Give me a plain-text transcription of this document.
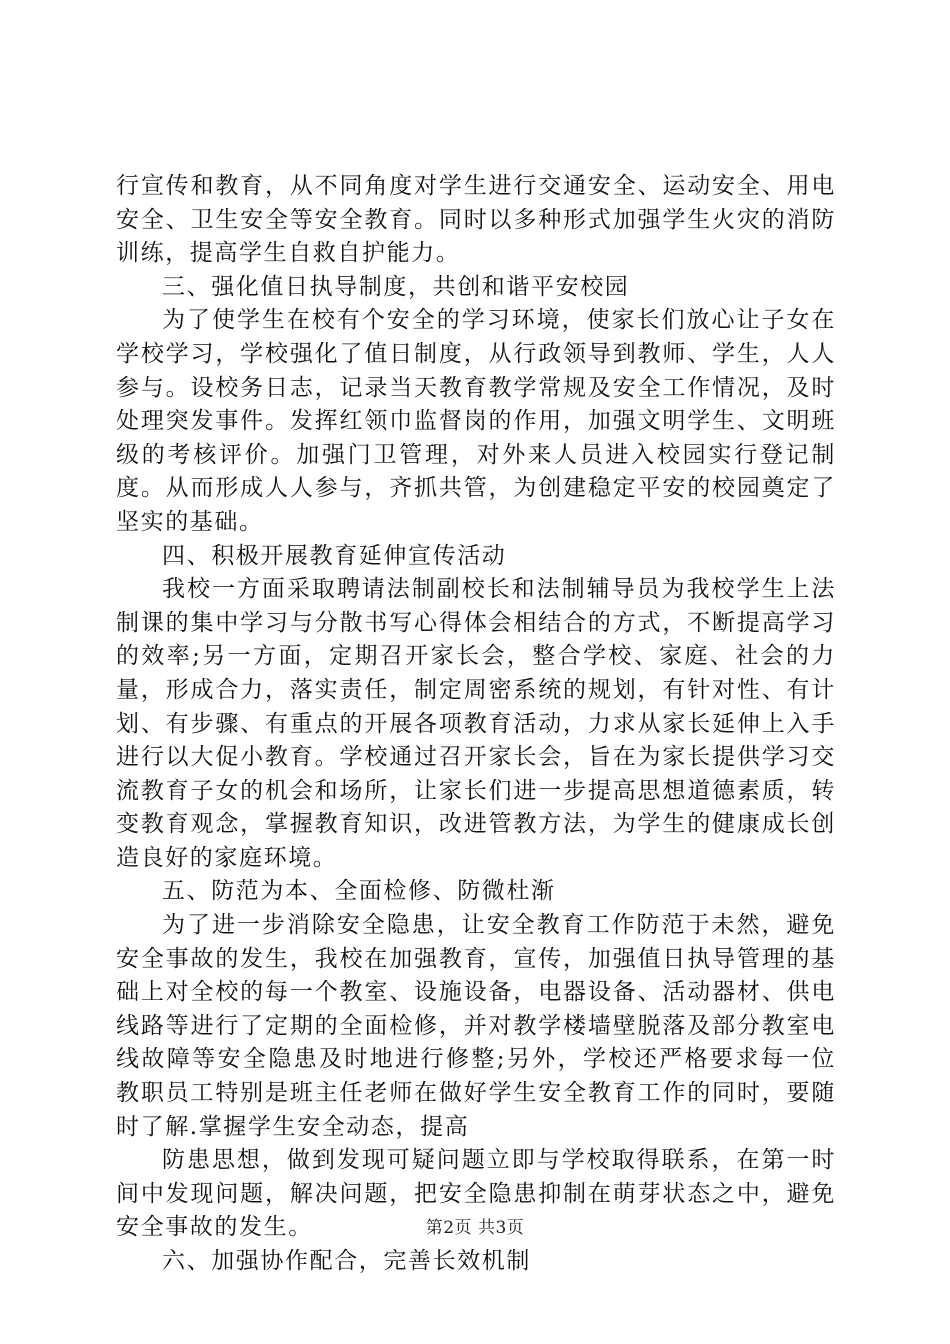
行宣传和教育，从不同角度对学生进行交通安全、运动安全、用电安全、卫生安全等安全教育。同时以多种形式加强学生火灾的消防训练，提高学生自救自护能力。

三、强化值日执导制度，共创和谐平安校园

为了使学生在校有个安全的学习环境，使家长们放心让子女在学校学习，学校强化了值日制度，从行政领导到教师、学生，人人参与。设校务日志，记录当天教育教学常规及安全工作情况，及时处理突发事件。发挥红领巾监督岗的作用，加强文明学生、文明班级的考核评价。加强门卫管理，对外来人员进入校园实行登记制度。从而形成人人参与，齐抓共管，为创建稳定平安的校园奠定了坚实的基础。

四、积极开展教育延伸宣传活动

我校一方面采取聘请法制副校长和法制辅导员为我校学生上法制课的集中学习与分散书写心得体会相结合的方式，不断提高学习的效率;另一方面，定期召开家长会，整合学校、家庭、社会的力量，形成合力，落实责任，制定周密系统的规划，有针对性、有计划、有步骤、有重点的开展各项教育活动，力求从家长延伸上入手进行以大促小教育。学校通过召开家长会，旨在为家长提供学习交流教育子女的机会和场所，让家长们进一步提高思想道德素质，转变教育观念，掌握教育知识，改进管教方法，为学生的健康成长创造良好的家庭环境。

五、防范为本、全面检修、防微杜渐

为了进一步消除安全隐患，让安全教育工作防范于未然，避免安全事故的发生，我校在加强教育，宣传，加强值日执导管理的基础上对全校的每一个教室、设施设备，电器设备、活动器材、供电线路等进行了定期的全面检修，并对教学楼墙壁脱落及部分教室电线故障等安全隐患及时地进行修整;另外，学校还严格要求每一位教职员工特别是班主任老师在做好学生安全教育工作的同时，要随时了解.掌握学生安全动态，提高

防患思想，做到发现可疑问题立即与学校取得联系，在第一时间中发现问题，解决问题，把安全隐患抑制在萌芽状态之中，避免安全事故的发生。

六、加强协作配合，完善长效机制

第2页 共3页
